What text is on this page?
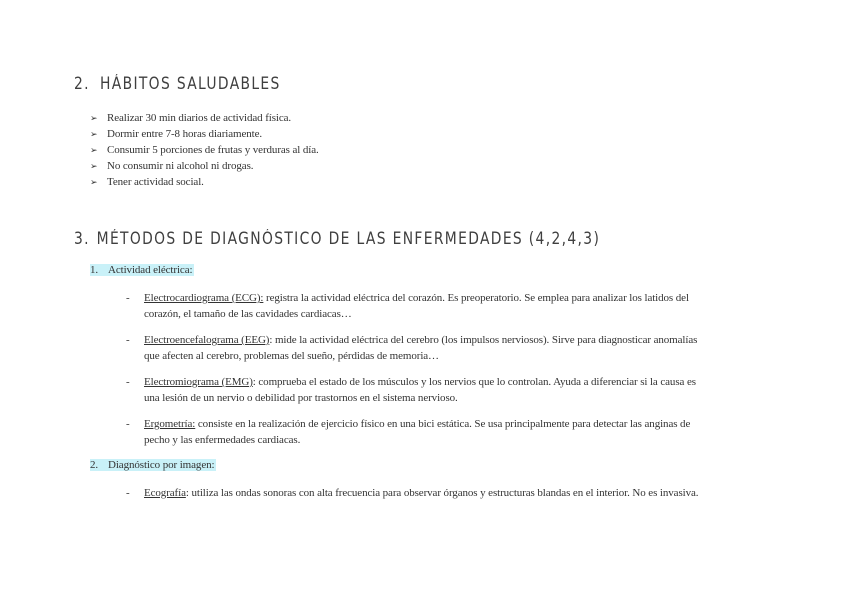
2. HÁBITOS SALUDABLES
➢ Realizar 30 min diarios de actividad física.
➢ Dormir entre 7-8 horas diariamente.
➢ Consumir 5 porciones de frutas y verduras al día.
➢ No consumir ni alcohol ni drogas.
➢ Tener actividad social.
3. MÉTODOS DE DIAGNÓSTICO DE LAS ENFERMEDADES (4,2,4,3)
1. Actividad eléctrica:
- Electrocardiograma (ECG): registra la actividad eléctrica del corazón. Es preoperatorio. Se emplea para analizar los latidos del
corazón, el tamaño de las cavidades cardiacas…
- Electroencefalograma (EEG): mide la actividad eléctrica del cerebro (los impulsos nerviosos). Sirve para diagnosticar anomalías
que afecten al cerebro, problemas del sueño, pérdidas de memoria…
- Electromiograma (EMG): comprueba el estado de los músculos y los nervios que lo controlan. Ayuda a diferenciar si la causa es
una lesión de un nervio o debilidad por trastornos en el sistema nervioso.
- Ergometría: consiste en la realización de ejercicio físico en una bici estática. Se usa principalmente para detectar las anginas de
pecho y las enfermedades cardiacas.
2. Diagnóstico por imagen:
- Ecografía: utiliza las ondas sonoras con alta frecuencia para observar órganos y estructuras blandas en el interior. No es invasiva.
